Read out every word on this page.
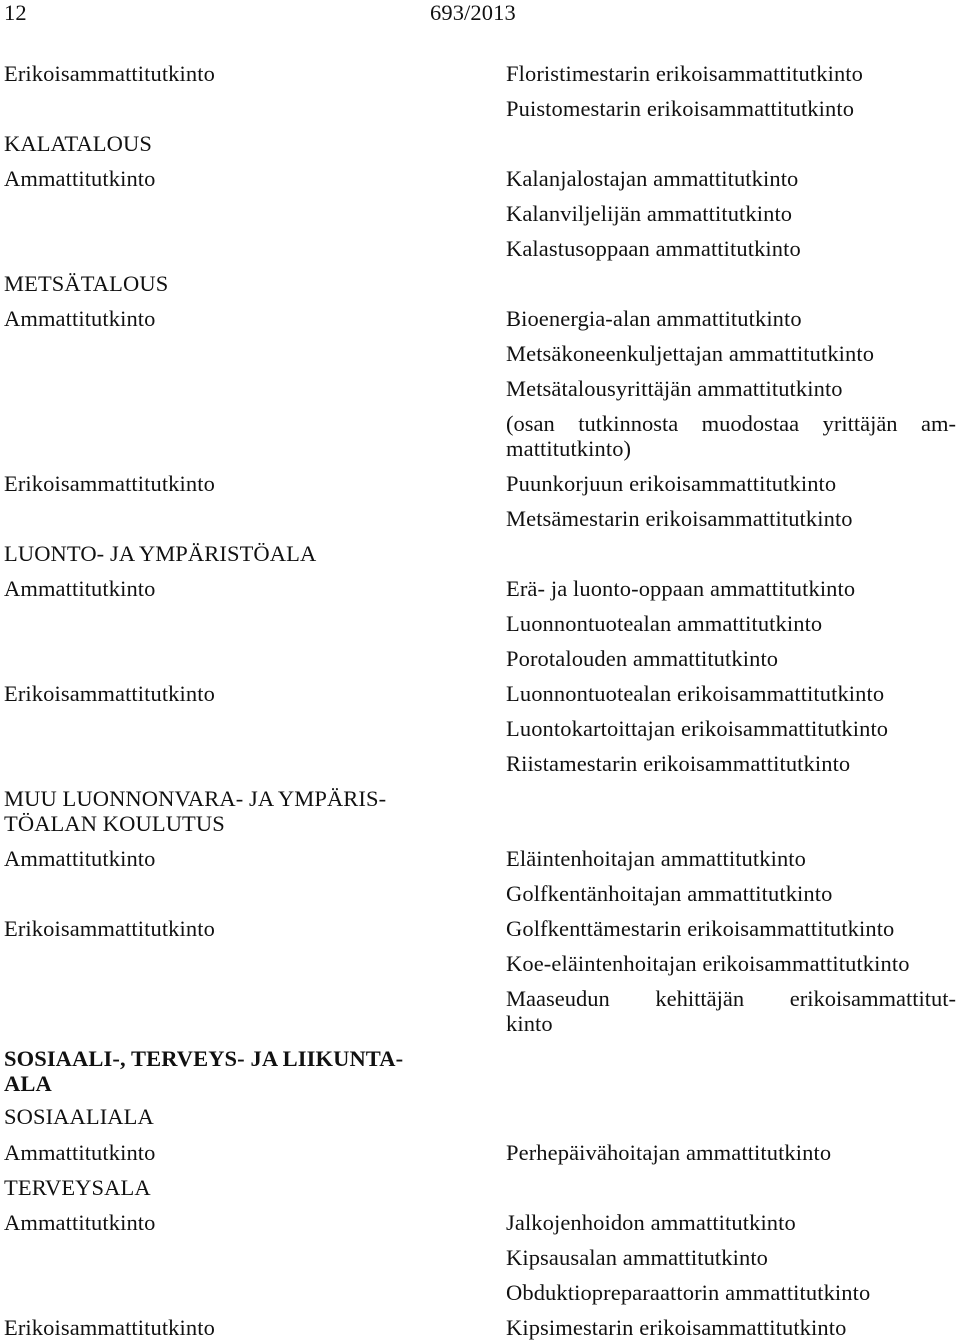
12	693/2013
Erikoisammattitutkinto
KALATALOUS
Ammattitutkinto
METSÄTALOUS
Ammattitutkinto
Erikoisammattitutkinto
LUONTO- JA YMPÄRISTÖALA
Ammattitutkinto
Erikoisammattitutkinto
MUU LUONNONVARA- JA YMPÄRIS-
TÖALAN KOULUTUS
Ammattitutkinto
Erikoisammattitutkinto
SOSIAALI-, TERVEYS- JA LIIKUNTA-
ALA
SOSIAALIALA
Ammattitutkinto
TERVEYSALA
Ammattitutkinto
Erikoisammattitutkinto
Floristimestarin erikoisammattitutkinto
Puistomestarin erikoisammattitutkinto
Kalanjalostajan ammattitutkinto
Kalanviljelijän ammattitutkinto
Kalastusoppaan ammattitutkinto
Bioenergia-alan ammattitutkinto
Metsäkoneenkuljettajan ammattitutkinto
Metsätalousyrittäjän ammattitutkinto
(osan tutkinnosta muodostaa yrittäjän am-
mattitutkinto)
Puunkorjuun erikoisammattitutkinto
Metsämestarin erikoisammattitutkinto
Erä- ja luonto-oppaan ammattitutkinto
Luonnontuotealan ammattitutkinto
Porotalouden ammattitutkinto
Luonnontuotealan erikoisammattitutkinto
Luontokartoittajan erikoisammattitutkinto
Riistamestarin erikoisammattitutkinto
Eläintenhoitajan ammattitutkinto
Golfkentänhoitajan ammattitutkinto
Golfkenttämestarin erikoisammattitutkinto
Koe-eläintenhoitajan erikoisammattitutkinto
Maaseudun kehittäjän erikoisammattitut-
kinto
Perhepäivähoitajan ammattitutkinto
Jalkojenhoidon ammattitutkinto
Kipsausalan ammattitutkinto
Obduktiopreparaattorin ammattitutkinto
Kipsimestarin erikoisammattitutkinto
